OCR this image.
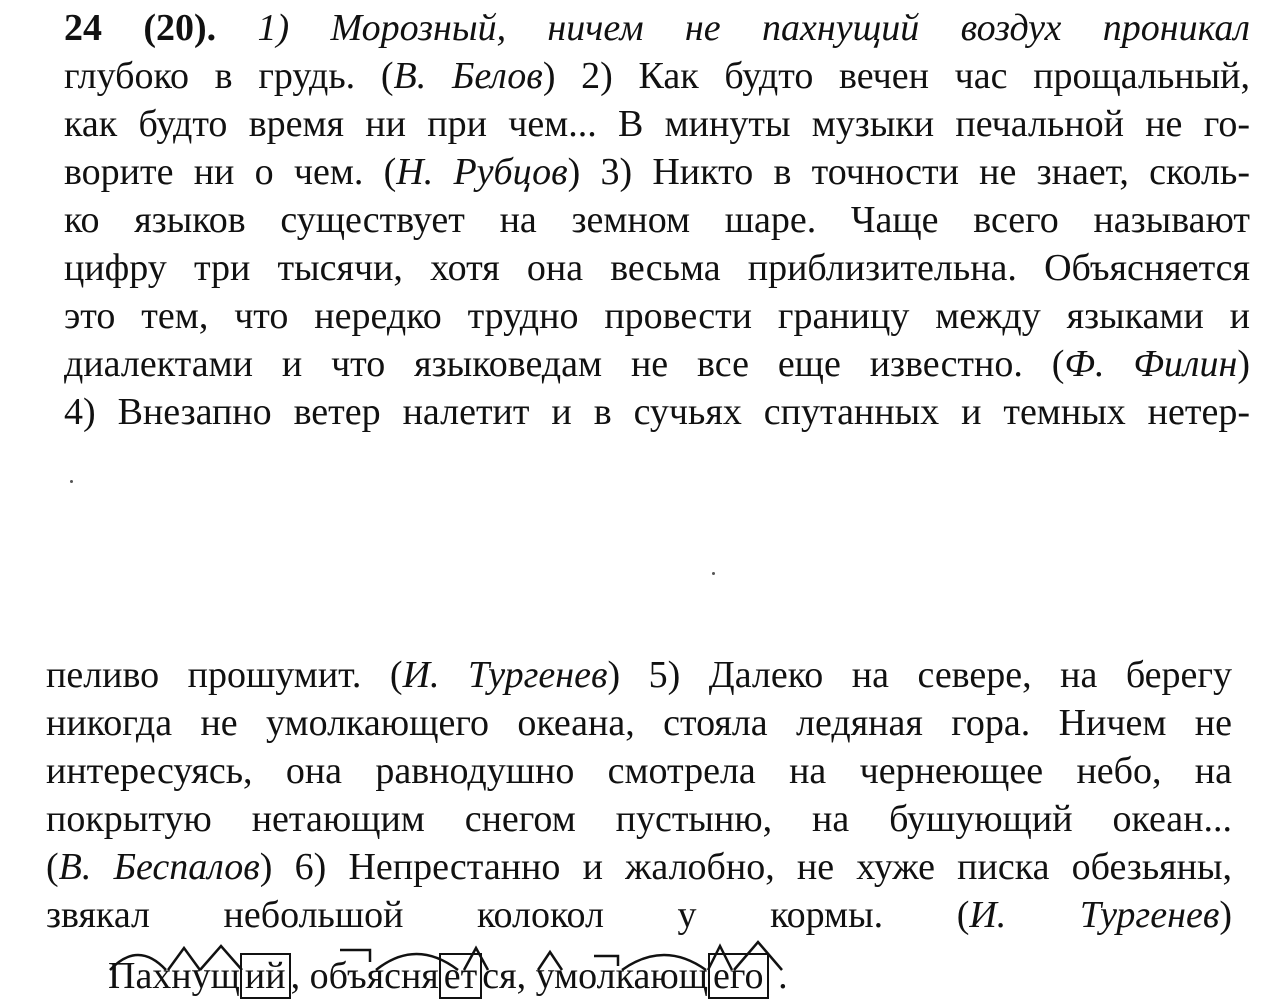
24 (20). 1) Морозный, ничем не пахнущий воздух проникал
глубоко в грудь. (В. Белов) 2) Как будто вечен час прощальный,
как будто время ни при чем... В минуты музыки печальной не го-
ворите ни о чем. (Н. Рубцов) 3) Никто в точности не знает, сколь-
ко языков существует на земном шаре. Чаще всего называют
цифру три тысячи, хотя она весьма приблизительна. Объясняется
это тем, что нередко трудно провести границу между языками и
диалектами и что языковедам не все еще известно. (Ф. Филин)
4) Внезапно ветер налетит и в сучьях спутанных и темных нетер-
пеливо прошумит. (И. Тургенев) 5) Далеко на севере, на берегу
никогда не умолкающего океана, стояла ледяная гора. Ничем не
интересуясь, она равнодушно смотрела на чернеющее небо, на
покрытую нетающим снегом пустыню, на бушующий океан...
(В. Беспалов) 6) Непрестанно и жалобно, не хуже писка обезьяны,
звякал небольшой колокол у кормы. (И. Тургенев)
Пахнущ ий , объясня ет ся, умолкающ его .
